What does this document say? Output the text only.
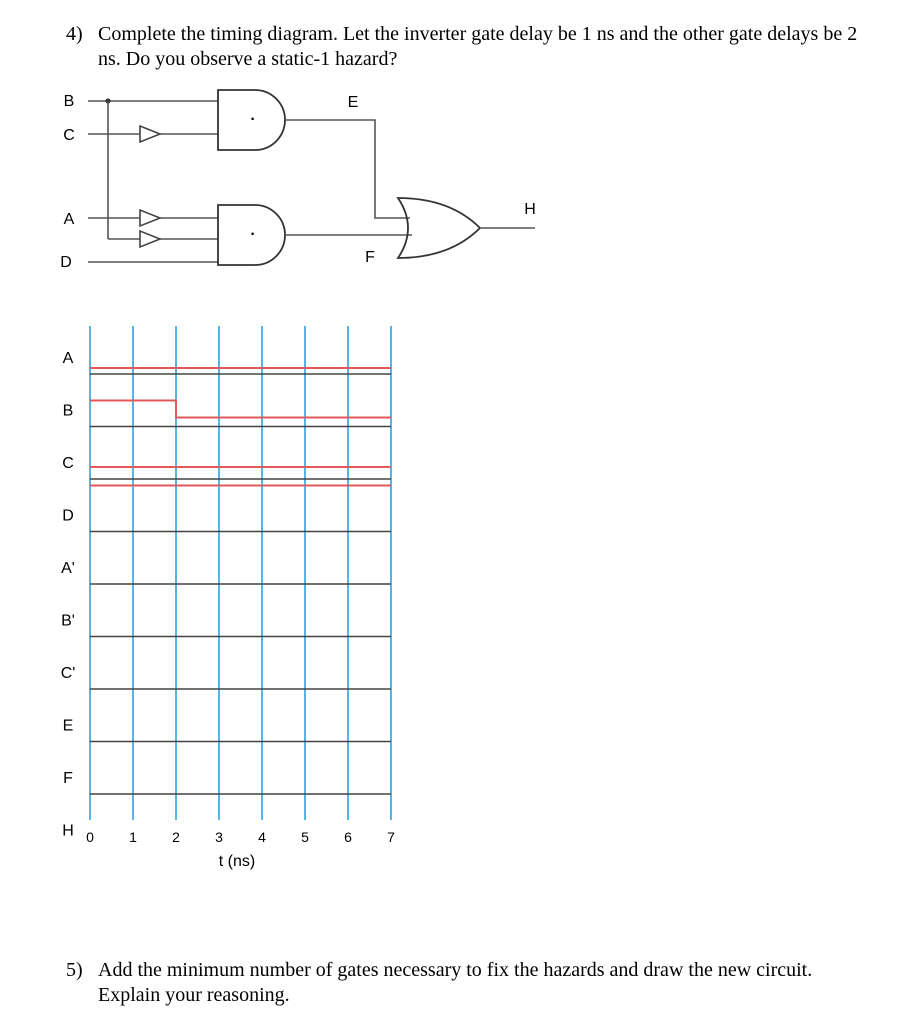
4) Complete the timing diagram. Let the inverter gate delay be 1 ns and the other gate delays be 2 ns. Do you observe a static-1 hazard?
·
·
B
C
A
D
E
F
H
A
B
C
D
A'
B'
C'
E
F
H 0	1	2	3	4	5	6	7
t (ns)
5) Add the minimum number of gates necessary to fix the hazards and draw the new circuit. Explain your reasoning.
